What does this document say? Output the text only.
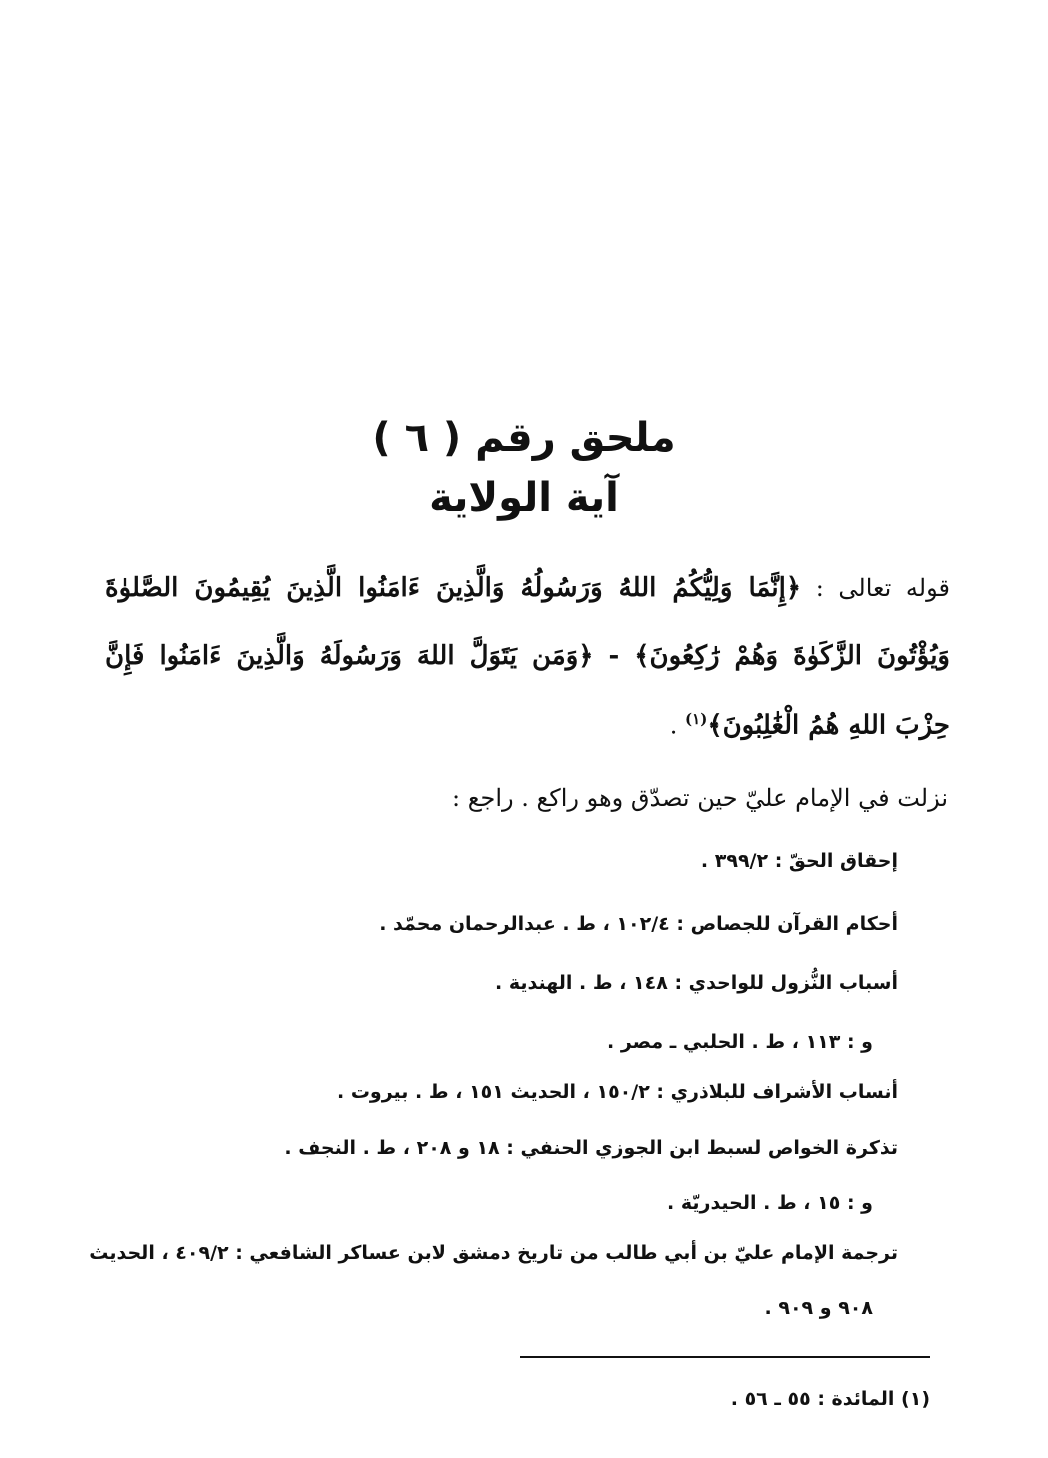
ملحق رقم ( ٦ )
آية الولاية
قوله تعالى : ﴿إِنَّمَا وَلِيُّكُمُ اللهُ وَرَسُولُهُ وَالَّذِينَ ءَامَنُوا الَّذِينَ يُقِيمُونَ الصَّلوٰةَ
وَيُؤْتُونَ الزَّكَوٰةَ وَهُمْ رَٰكِعُونَ﴾ - ﴿وَمَن يَتَوَلَّ اللهَ وَرَسُولَهُ وَالَّذِينَ ءَامَنُوا فَإِنَّ
حِزْبَ اللهِ هُمُ الْغَٰلِبُونَ﴾$^{(١)}$ .
نزلت في الإمام عليّ حين تصدّق وهو راكع . راجع :
إحقاق الحقّ : ٣٩٩/٢ .
أحكام القرآن للجصاص : ١٠٢/٤ ، ط . عبدالرحمان محمّد .
أسباب النُّزول للواحدي : ١٤٨ ، ط . الهندية .
و : ١١٣ ، ط . الحلبي ـ مصر .
أنساب الأشراف للبلاذري : ١٥٠/٢ ، الحديث ١٥١ ، ط . بيروت .
تذكرة الخواص لسبط ابن الجوزي الحنفي : ١٨ و ٢٠٨ ، ط . النجف .
و : ١٥ ، ط . الحيدريّة .
ترجمة الإمام عليّ بن أبي طالب من تاريخ دمشق لابن عساكر الشافعي : ٤٠٩/٢ ، الحديث
٩٠٨ و ٩٠٩ .
(١) المائدة : ٥٥ ـ ٥٦ .
